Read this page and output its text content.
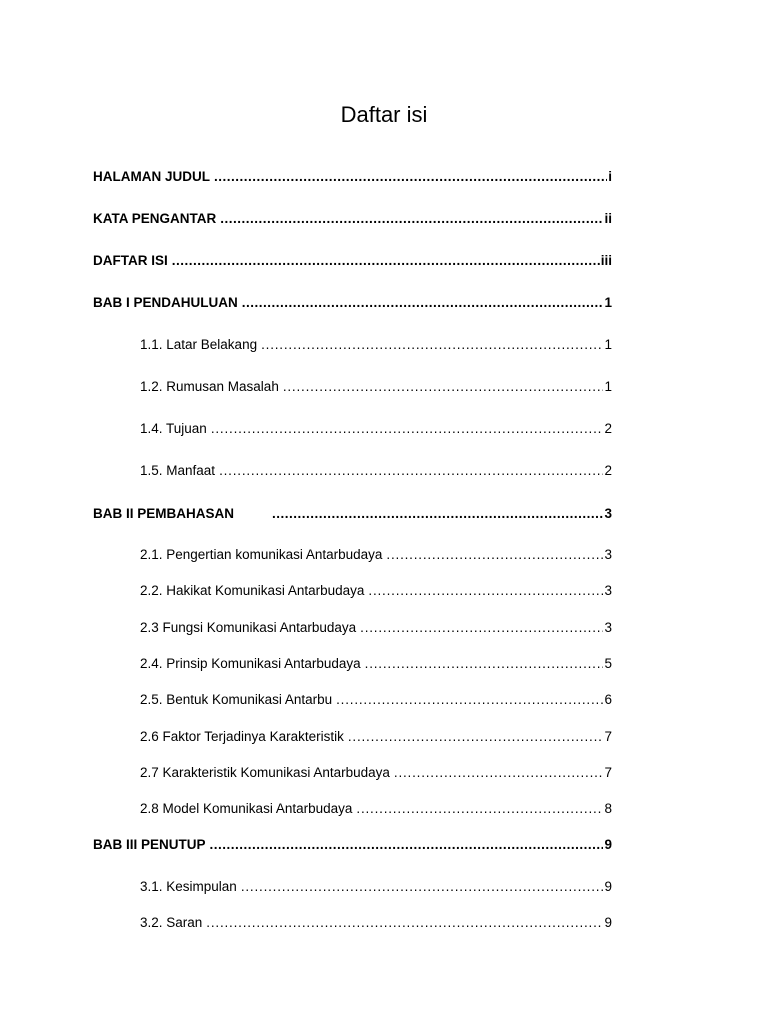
Daftar isi
HALAMAN JUDUL .....	i
KATA PENGANTAR .....	ii
DAFTAR ISI .....	iii
BAB I PENDAHULUAN .....	1
1.1. Latar Belakang .....	1
1.2. Rumusan Masalah .....	1
1.4. Tujuan .....	2
1.5. Manfaat .....	2
BAB II PEMBAHASAN .....	3
2.1. Pengertian komunikasi Antarbudaya .....	3
2.2. Hakikat Komunikasi Antarbudaya .....	3
2.3 Fungsi Komunikasi Antarbudaya .....	3
2.4. Prinsip Komunikasi Antarbudaya .....	5
2.5. Bentuk Komunikasi Antarbu .....	6
2.6 Faktor Terjadinya Karakteristik .....	7
2.7 Karakteristik Komunikasi Antarbudaya .....	7
2.8 Model Komunikasi Antarbudaya .....	8
BAB III PENUTUP .....	9
3.1. Kesimpulan .....	9
3.2. Saran .....	9
